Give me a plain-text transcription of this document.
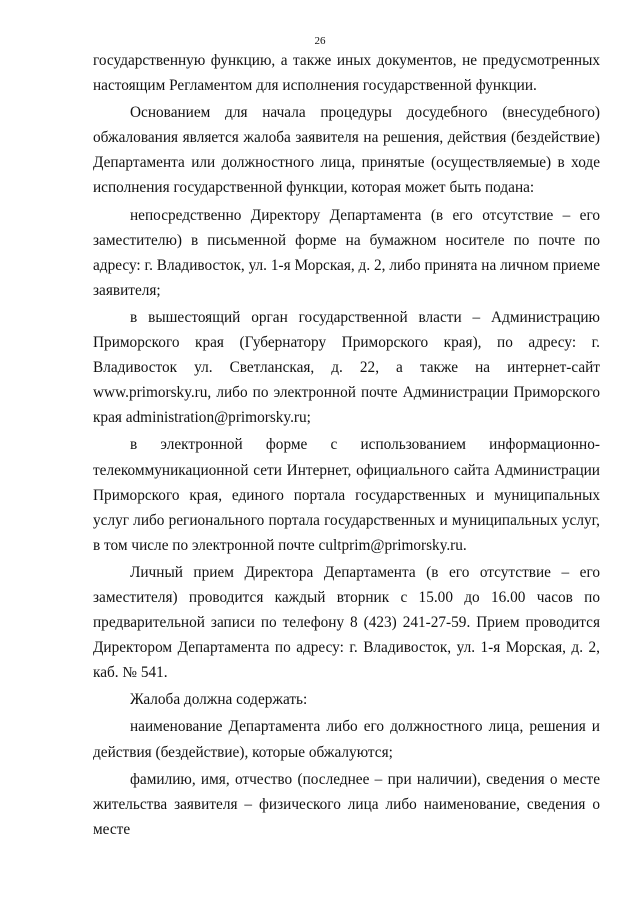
26

государственную функцию, а также иных документов, не предусмотренных настоящим Регламентом для исполнения государственной функции.

Основанием для начала процедуры досудебного (внесудебного) обжалования является жалоба заявителя на решения, действия (бездействие) Департамента или должностного лица, принятые (осуществляемые) в ходе исполнения государственной функции, которая может быть подана:

непосредственно Директору Департамента (в его отсутствие – его заместителю) в письменной форме на бумажном носителе по почте по адресу: г. Владивосток, ул. 1-я Морская, д. 2, либо принята на личном приеме заявителя;

в вышестоящий орган государственной власти – Администрацию Приморского края (Губернатору Приморского края), по адресу: г. Владивосток ул. Светланская, д. 22, а также на интернет-сайт www.primorsky.ru, либо по электронной почте Администрации Приморского края administration@primorsky.ru;

в электронной форме с использованием информационно-телекоммуникационной сети Интернет, официального сайта Администрации Приморского края, единого портала государственных и муниципальных услуг либо регионального портала государственных и муниципальных услуг, в том числе по электронной почте cultprim@primorsky.ru.

Личный прием Директора Департамента (в его отсутствие – его заместителя) проводится каждый вторник с 15.00 до 16.00 часов по предварительной записи по телефону 8 (423) 241-27-59. Прием проводится Директором Департамента по адресу: г. Владивосток, ул. 1-я Морская, д. 2, каб. № 541.

Жалоба должна содержать:

наименование Департамента либо его должностного лица, решения и действия (бездействие), которые обжалуются;

фамилию, имя, отчество (последнее – при наличии), сведения о месте жительства заявителя – физического лица либо наименование, сведения о месте
